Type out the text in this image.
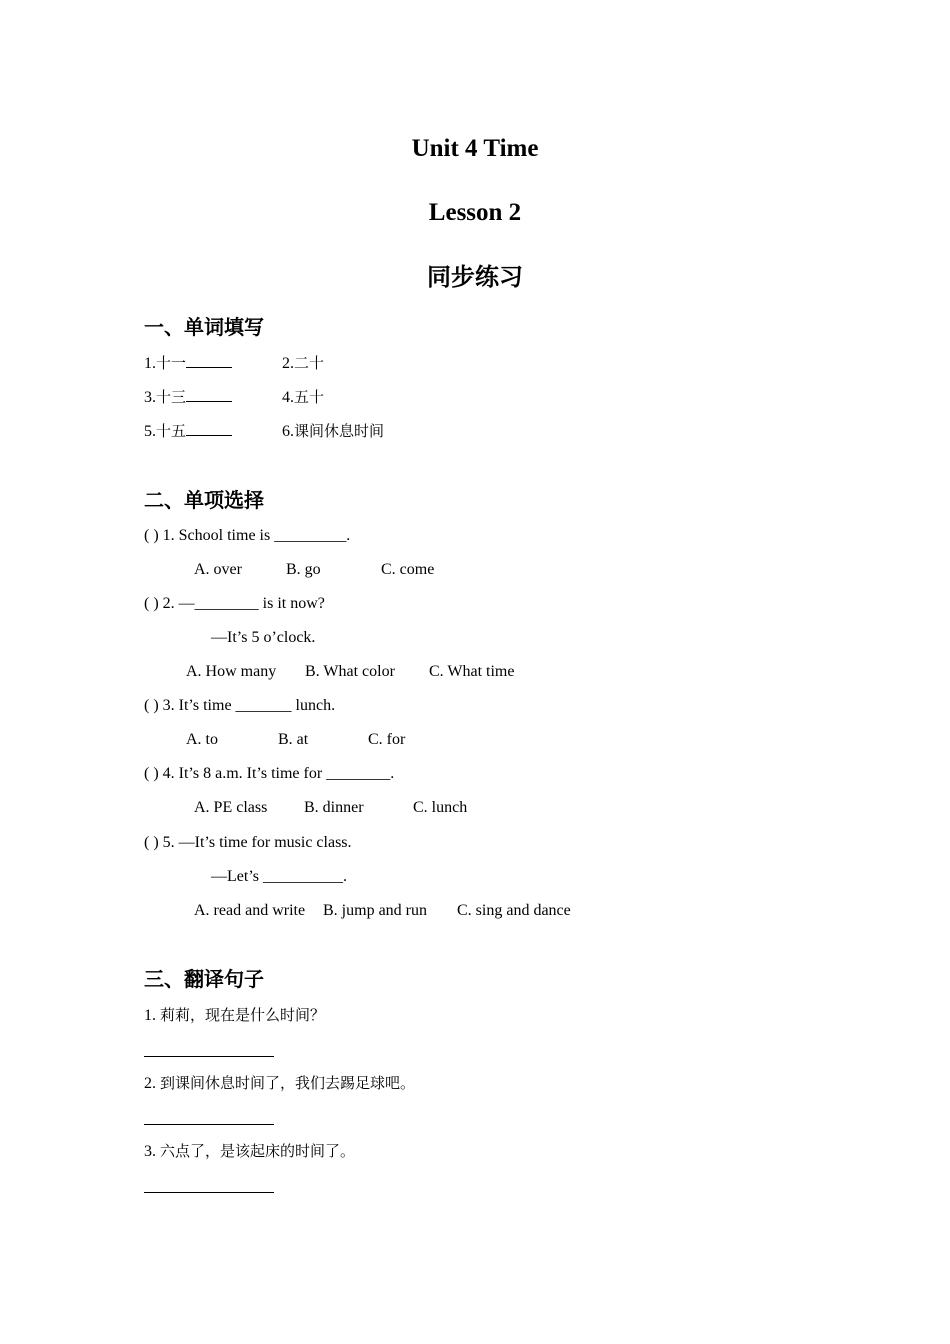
Unit 4 Time
Lesson 2
同步练习
一、单词填写
1.十一	2.二十
3.十三	4.五十
5.十五	6.课间休息时间
二、单项选择
( ) 1. School time is _________.
A. over	B. go	C. come
( ) 2. —________ is it now?
—It’s 5 o’clock.
A. How many B. What color C. What time
( ) 3. It’s time _______ lunch.
A. to	B. at	C. for
( ) 4. It’s 8 a.m. It’s time for ________.
A. PE class B. dinner	C. lunch
( ) 5. —It’s time for music class.
—Let’s __________.
A. read and write B. jump and run C. sing and dance
三、翻译句子
1. 莉莉，现在是什么时间？
2. 到课间休息时间了，我们去踢足球吧。
3. 六点了，是该起床的时间了。
